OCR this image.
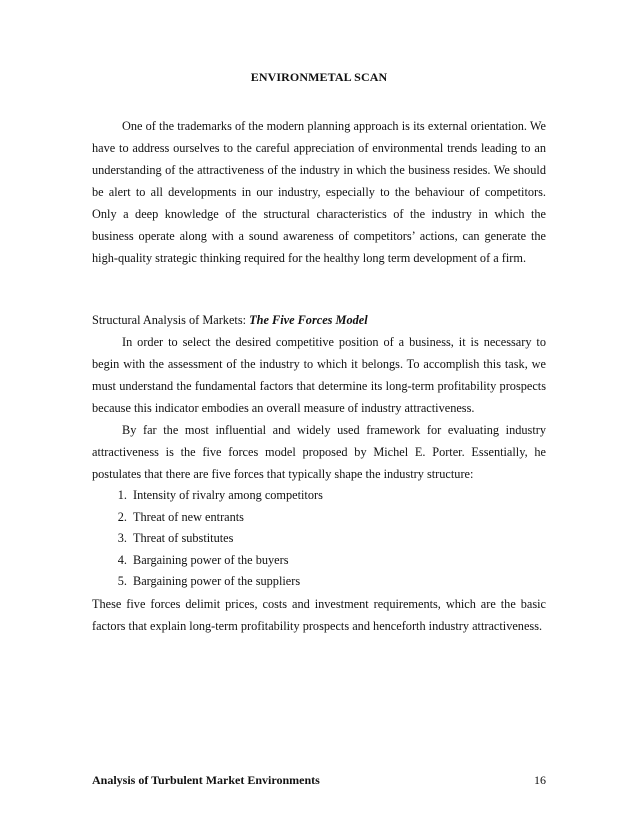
ENVIRONMETAL SCAN

One of the trademarks of the modern planning approach is its external orientation. We have to address ourselves to the careful appreciation of environmental trends leading to an understanding of the attractiveness of the industry in which the business resides. We should be alert to all developments in our industry, especially to the behaviour of competitors. Only a deep knowledge of the structural characteristics of the industry in which the business operate along with a sound awareness of competitors’ actions, can generate the high-quality strategic thinking required for the healthy long term development of a firm.

Structural Analysis of Markets: The Five Forces Model

In order to select the desired competitive position of a business, it is necessary to begin with the assessment of the industry to which it belongs. To accomplish this task, we must understand the fundamental factors that determine its long-term profitability prospects because this indicator embodies an overall measure of industry attractiveness.

By far the most influential and widely used framework for evaluating industry attractiveness is the five forces model proposed by Michel E. Porter. Essentially, he postulates that there are five forces that typically shape the industry structure:

1. Intensity of rivalry among competitors
2. Threat of new entrants
3. Threat of substitutes
4. Bargaining power of the buyers
5. Bargaining power of the suppliers

These five forces delimit prices, costs and investment requirements, which are the basic factors that explain long-term profitability prospects and henceforth industry attractiveness.

Analysis of Turbulent Market Environments	16
